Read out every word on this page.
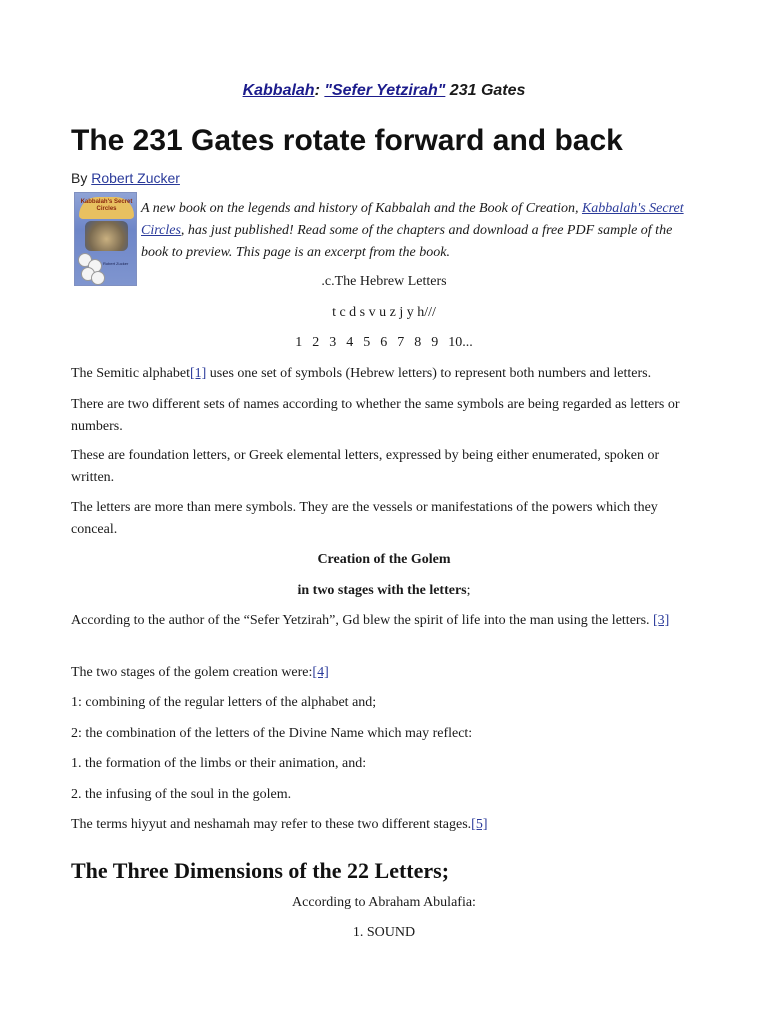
Kabbalah: "Sefer Yetzirah" 231 Gates
The 231 Gates rotate forward and back
By Robert Zucker
Kabbalah's Secret Circles
Robert Zucker

A new book on the legends and history of Kabbalah and the Book of Creation, Kabbalah's Secret Circles, has just published! Read some of the chapters and download a free PDF sample of the book to preview. This page is an excerpt from the book.

.c.The Hebrew Letters

t c d s v u z j y h///

1 2 3 4 5 6 7 8 9 10...

The Semitic alphabet[1] uses one set of symbols (Hebrew letters) to represent both numbers and letters.

There are two different sets of names according to whether the same symbols are being regarded as letters or numbers.

These are foundation letters, or Greek elemental letters, expressed by being either enumerated, spoken or written.

The letters are more than mere symbols. They are the vessels or manifestations of the powers which they conceal.

Creation of the Golem

in two stages with the letters;

According to the author of the “Sefer Yetzirah”, Gd blew the spirit of life into the man using the letters. [3]

The two stages of the golem creation were:[4]

1: combining of the regular letters of the alphabet and;

2: the combination of the letters of the Divine Name which may reflect:

1. the formation of the limbs or their animation, and:

2. the infusing of the soul in the golem.

The terms hiyyut and neshamah may refer to these two different stages.[5]

The Three Dimensions of the 22 Letters;

According to Abraham Abulafia:

1. SOUND
